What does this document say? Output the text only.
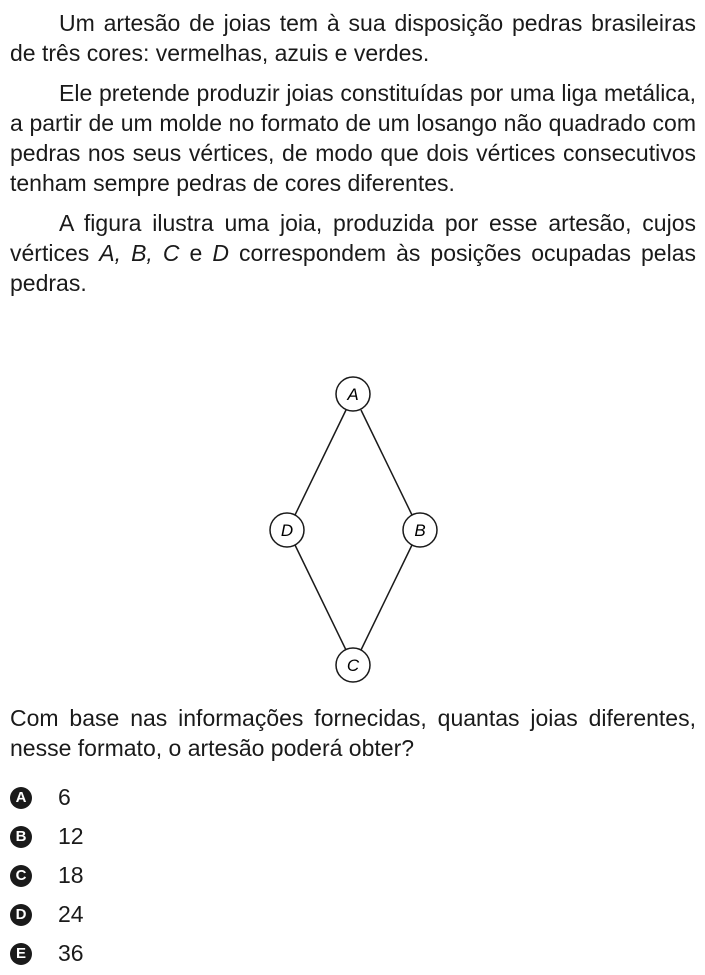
Um artesão de joias tem à sua disposição pedras brasileiras de três cores: vermelhas, azuis e verdes.

Ele pretende produzir joias constituídas por uma liga metálica, a partir de um molde no formato de um losango não quadrado com pedras nos seus vértices, de modo que dois vértices consecutivos tenham sempre pedras de cores diferentes.

A figura ilustra uma joia, produzida por esse artesão, cujos vértices A, B, C e D correspondem às posições ocupadas pelas pedras.

A
B
C
D

Com base nas informações fornecidas, quantas joias diferentes, nesse formato, o artesão poderá obter?

A 6
B 12
C 18
D 24
E 36
